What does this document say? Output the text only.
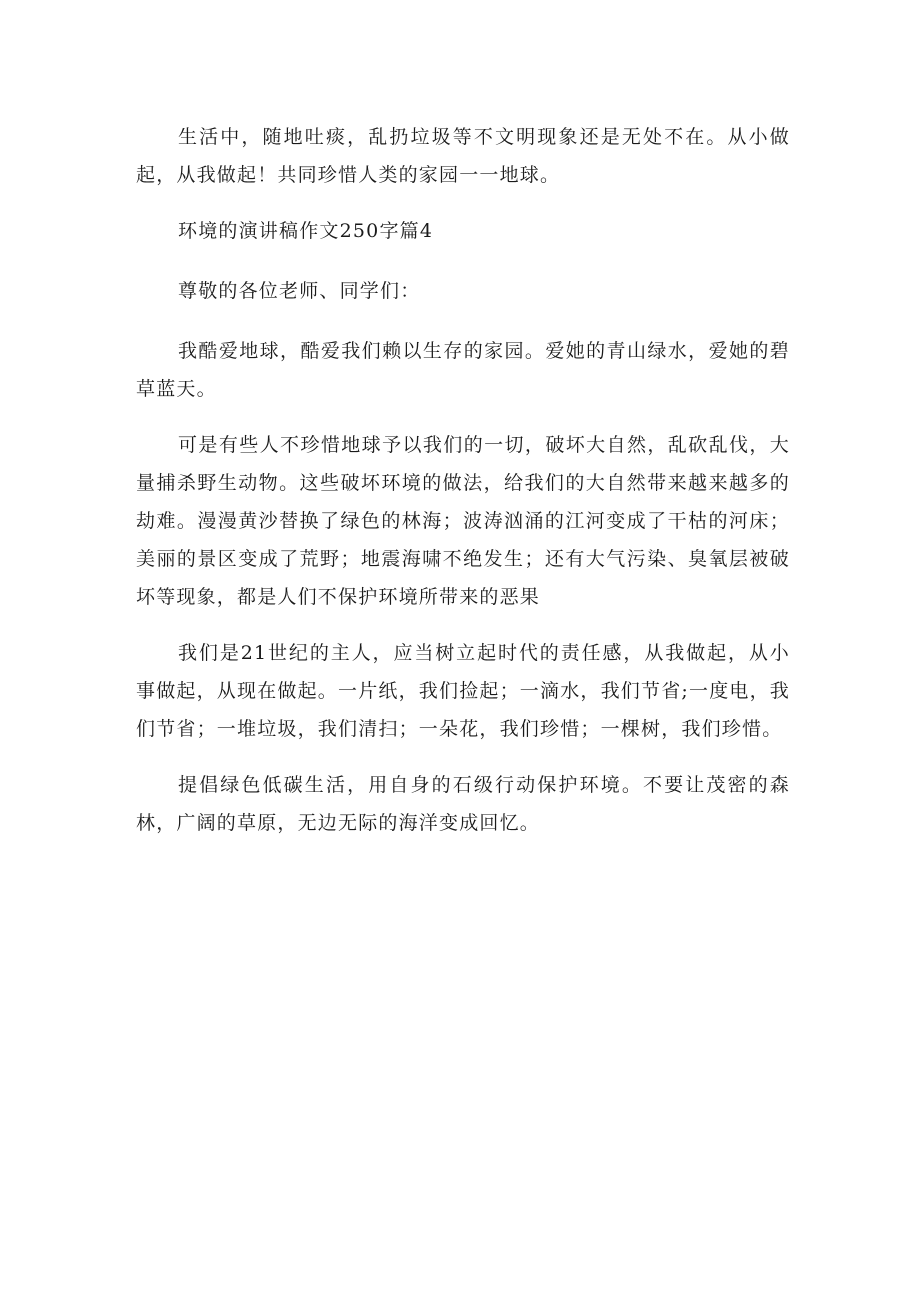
生活中，随地吐痰，乱扔垃圾等不文明现象还是无处不在。从小做起，从我做起！共同珍惜人类的家园一一地球。

环境的演讲稿作文250字篇4

尊敬的各位老师、同学们：

我酷爱地球，酷爱我们赖以生存的家园。爱她的青山绿水，爱她的碧草蓝天。

可是有些人不珍惜地球予以我们的一切，破坏大自然，乱砍乱伐，大量捕杀野生动物。这些破坏环境的做法，给我们的大自然带来越来越多的劫难。漫漫黄沙替换了绿色的林海；波涛汹涌的江河变成了干枯的河床；美丽的景区变成了荒野；地震海啸不绝发生；还有大气污染、臭氧层被破坏等现象，都是人们不保护环境所带来的恶果

我们是21世纪的主人，应当树立起时代的责任感，从我做起，从小事做起，从现在做起。一片纸，我们捡起；一滴水，我们节省;一度电，我们节省；一堆垃圾，我们清扫；一朵花，我们珍惜；一棵树，我们珍惜。

提倡绿色低碳生活，用自身的石级行动保护环境。不要让茂密的森林，广阔的草原，无边无际的海洋变成回忆。
